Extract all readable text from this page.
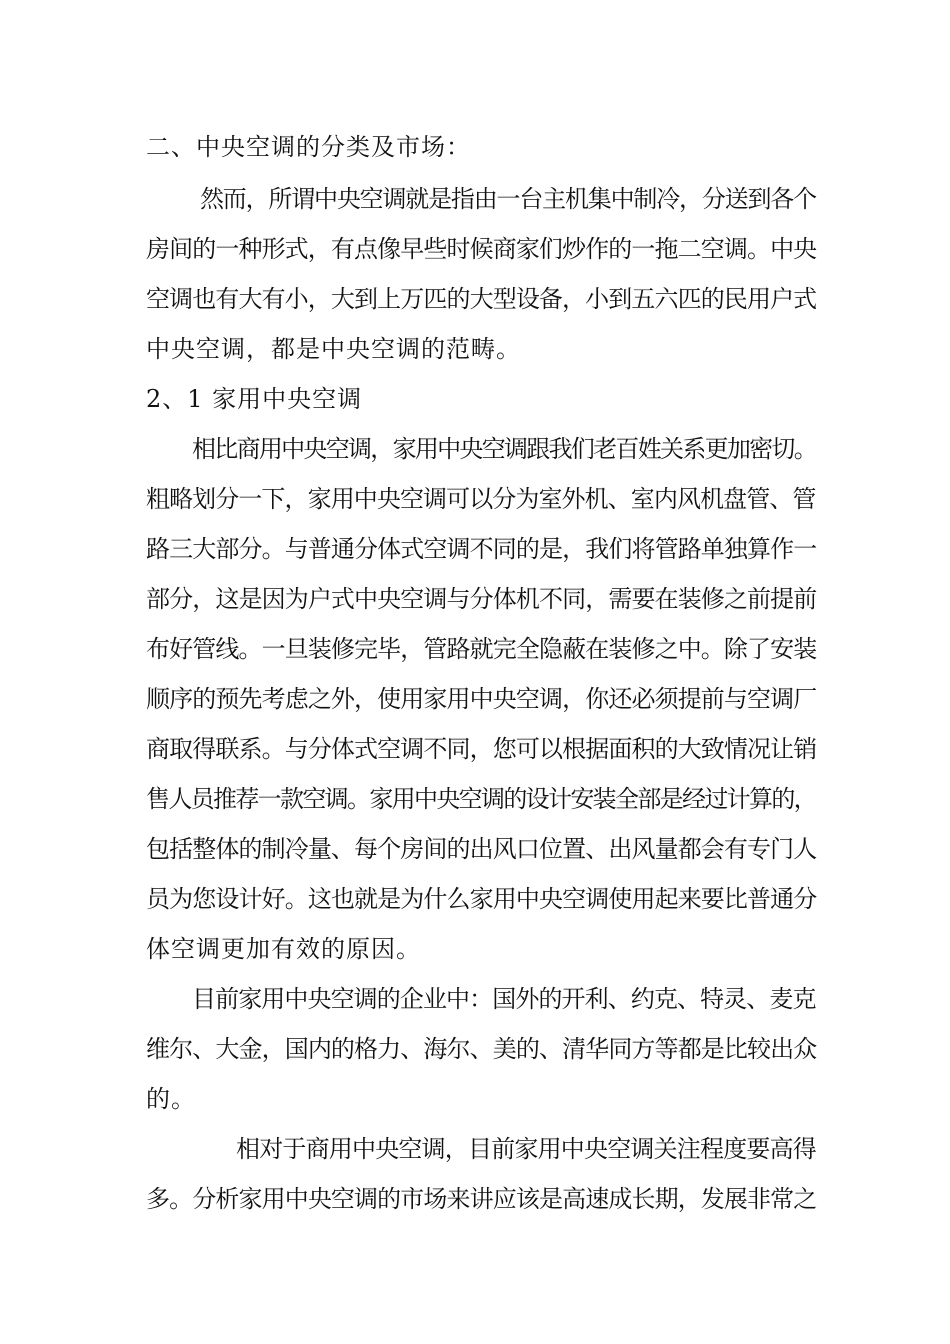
二、中央空调的分类及市场：
然而，所谓中央空调就是指由一台主机集中制冷，分送到各个
房间的一种形式，有点像早些时候商家们炒作的一拖二空调。中央
空调也有大有小，大到上万匹的大型设备，小到五六匹的民用户式
中央空调，都是中央空调的范畴。
2、1 家用中央空调
相比商用中央空调，家用中央空调跟我们老百姓关系更加密切。
粗略划分一下，家用中央空调可以分为室外机、室内风机盘管、管
路三大部分。与普通分体式空调不同的是，我们将管路单独算作一
部分，这是因为户式中央空调与分体机不同，需要在装修之前提前
布好管线。一旦装修完毕，管路就完全隐蔽在装修之中。除了安装
顺序的预先考虑之外，使用家用中央空调，你还必须提前与空调厂
商取得联系。与分体式空调不同，您可以根据面积的大致情况让销
售人员推荐一款空调。家用中央空调的设计安装全部是经过计算的，
包括整体的制冷量、每个房间的出风口位置、出风量都会有专门人
员为您设计好。这也就是为什么家用中央空调使用起来要比普通分
体空调更加有效的原因。
目前家用中央空调的企业中：国外的开利、约克、特灵、麦克
维尔、大金，国内的格力、海尔、美的、清华同方等都是比较出众
的。
相对于商用中央空调，目前家用中央空调关注程度要高得
多。分析家用中央空调的市场来讲应该是高速成长期，发展非常之
